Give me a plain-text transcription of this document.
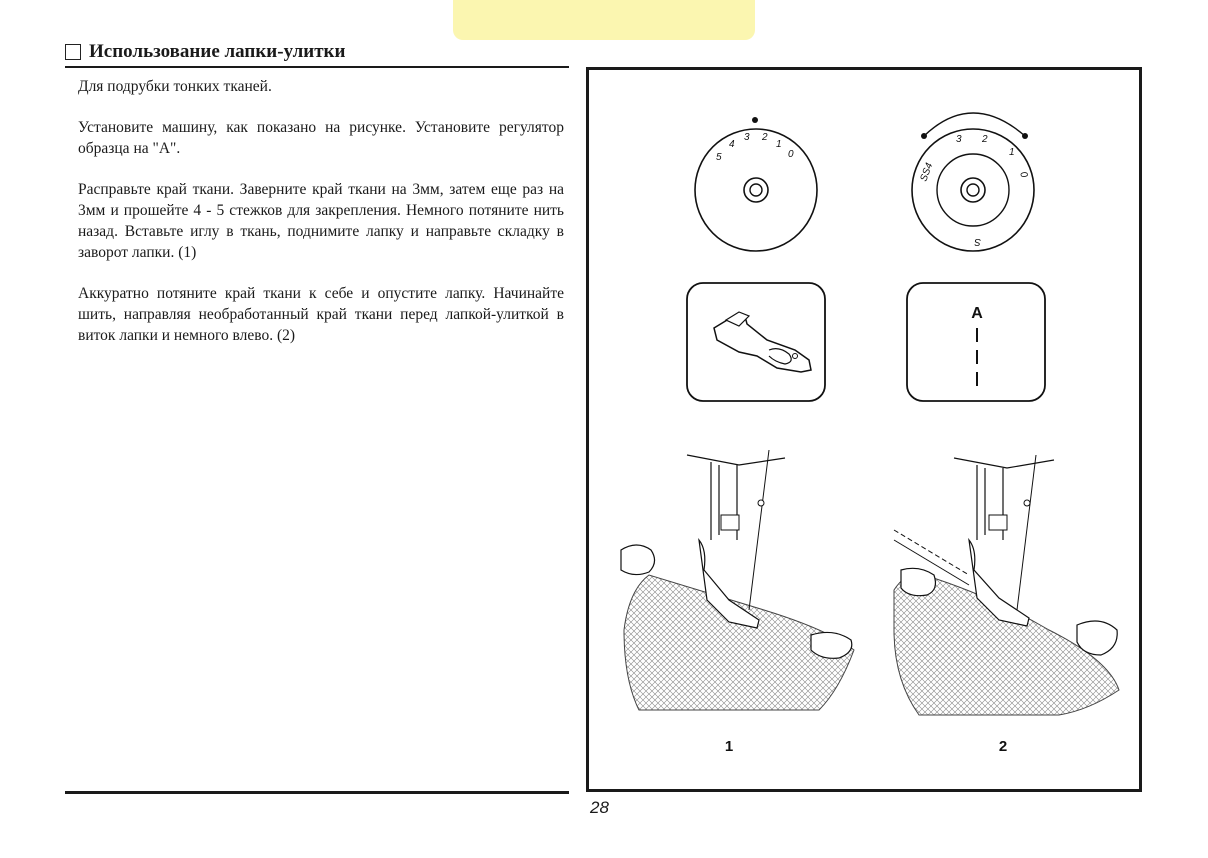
Использование лапки-улитки

Для подрубки тонких тканей.

Установите машину, как показано на рисунке. Установите регулятор образца на "A".

Расправьте край ткани. Заверните край ткани на 3мм, затем еще раз на 3мм и прошейте 4 - 5 стежков для закрепления. Немного потяните нить назад. Вставьте иглу в ткань, поднимите лапку и направьте складку в заворот лапки. (1)

Аккуратно потяните край ткани к себе и опустите лапку. Начинайте шить, направляя необработанный край ткани перед лапкой-улиткой в виток лапки и немного влево. (2)

5
4
3 2
1
0
3 2
SS4
1
0
S
A
1	2
28
